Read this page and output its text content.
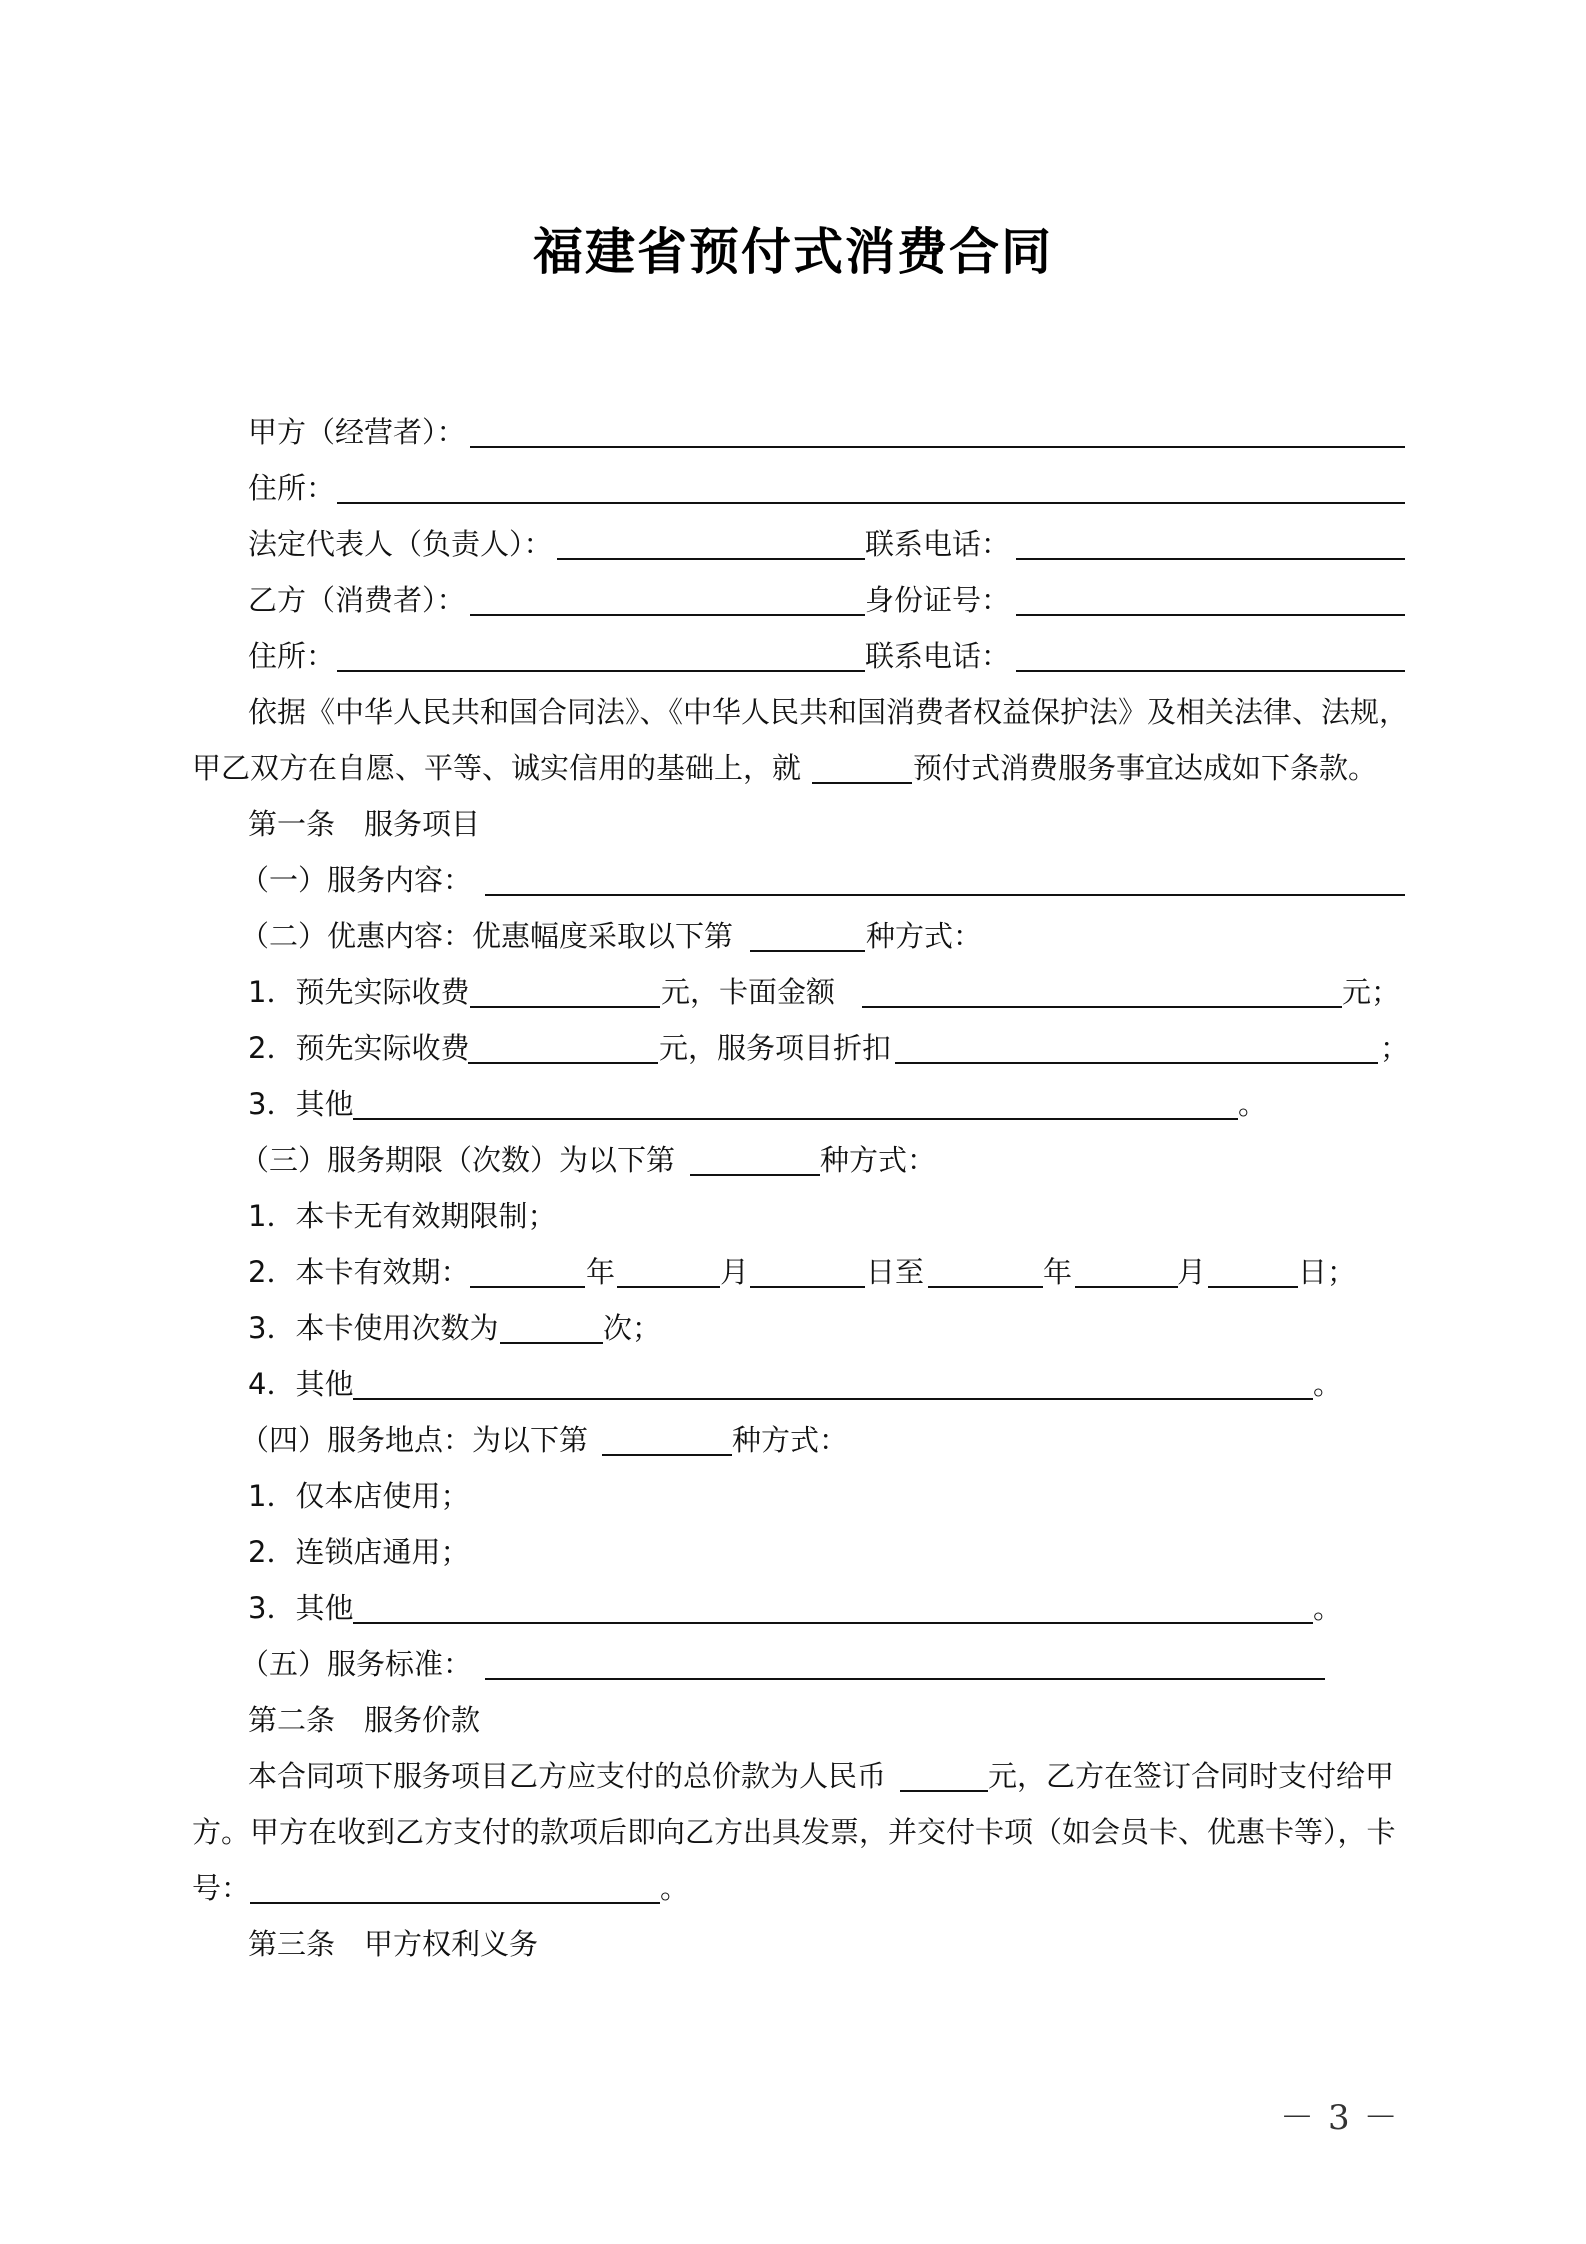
福建省预付式消费合同
甲方（经营者）：
住所：
法定代表人（负责人）：	联系电话：
乙方（消费者）：	身份证号：
住所：	联系电话：
依据《中华人民共和国合同法》、《中华人民共和国消费者权益保护法》及相关法律、法规，
甲乙双方在自愿、平等、诚实信用的基础上，就	预付式消费服务事宜达成如下条款。
第一条　服务项目
（一）服务内容：
（二）优惠内容：优惠幅度采取以下第	种方式：
1．预先实际收费	元，卡面金额	元；
2．预先实际收费	元，服务项目折扣	；
3．其他	。
（三）服务期限（次数）为以下第	种方式：
1．本卡无有效期限制；
2．本卡有效期：	年	月	日至	年	月	日；
3．本卡使用次数为	次；
4．其他	。
（四）服务地点：为以下第	种方式：
1．仅本店使用；
2．连锁店通用；
3．其他	。
（五）服务标准：
第二条　服务价款
本合同项下服务项目乙方应支付的总价款为人民币	元，乙方在签订合同时支付给甲
方。甲方在收到乙方支付的款项后即向乙方出具发票，并交付卡项（如会员卡、优惠卡等），卡
号：	。
第三条　甲方权利义务
－3－
